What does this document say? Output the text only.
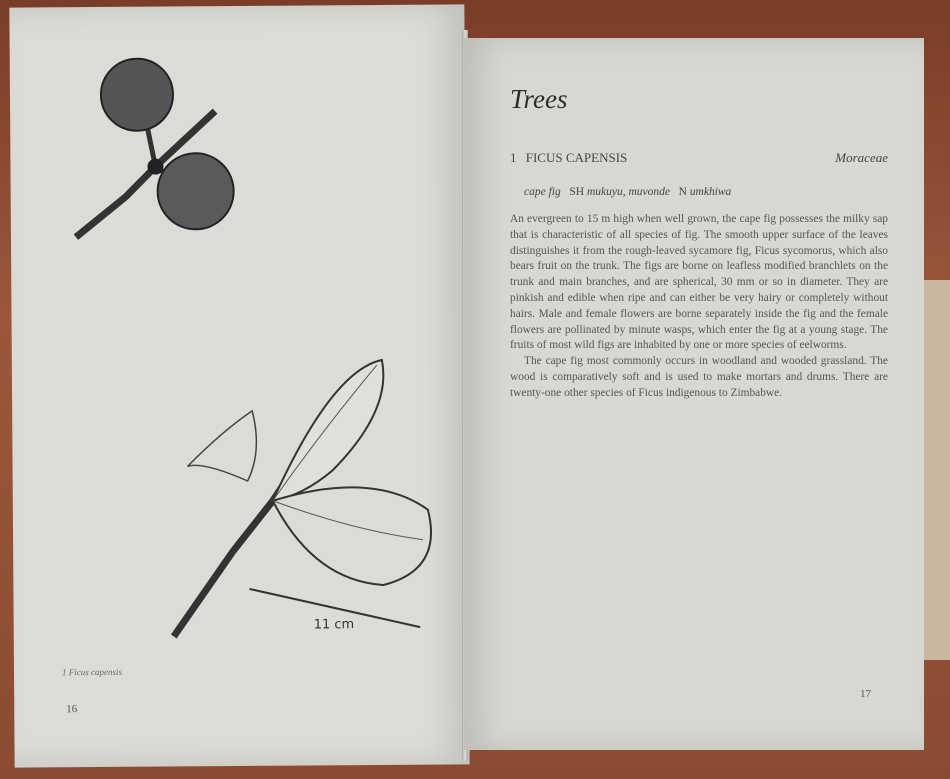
11 cm
1 Ficus capensis
16
Trees
1 FICUS CAPENSIS	Moraceae
cape fig SH mukuyu, muvonde N umkhiwa

An evergreen to 15 m high when well grown, the cape fig possesses the milky sap that is characteristic of all species of fig. The smooth upper surface of the leaves distinguishes it from the rough-leaved sycamore fig, Ficus sycomorus, which also bears fruit on the trunk. The figs are borne on leafless modified branchlets on the trunk and main branches, and are spherical, 30 mm or so in diameter. They are pinkish and edible when ripe and can either be very hairy or completely without hairs. Male and female flowers are borne separately inside the fig and the female flowers are pollinated by minute wasps, which enter the fig at a young stage. The fruits of most wild figs are inhabited by one or more species of eelworms.

The cape fig most commonly occurs in woodland and wooded grassland. The wood is comparatively soft and is used to make mortars and drums. There are twenty-one other species of Ficus indigenous to Zimbabwe.

17
